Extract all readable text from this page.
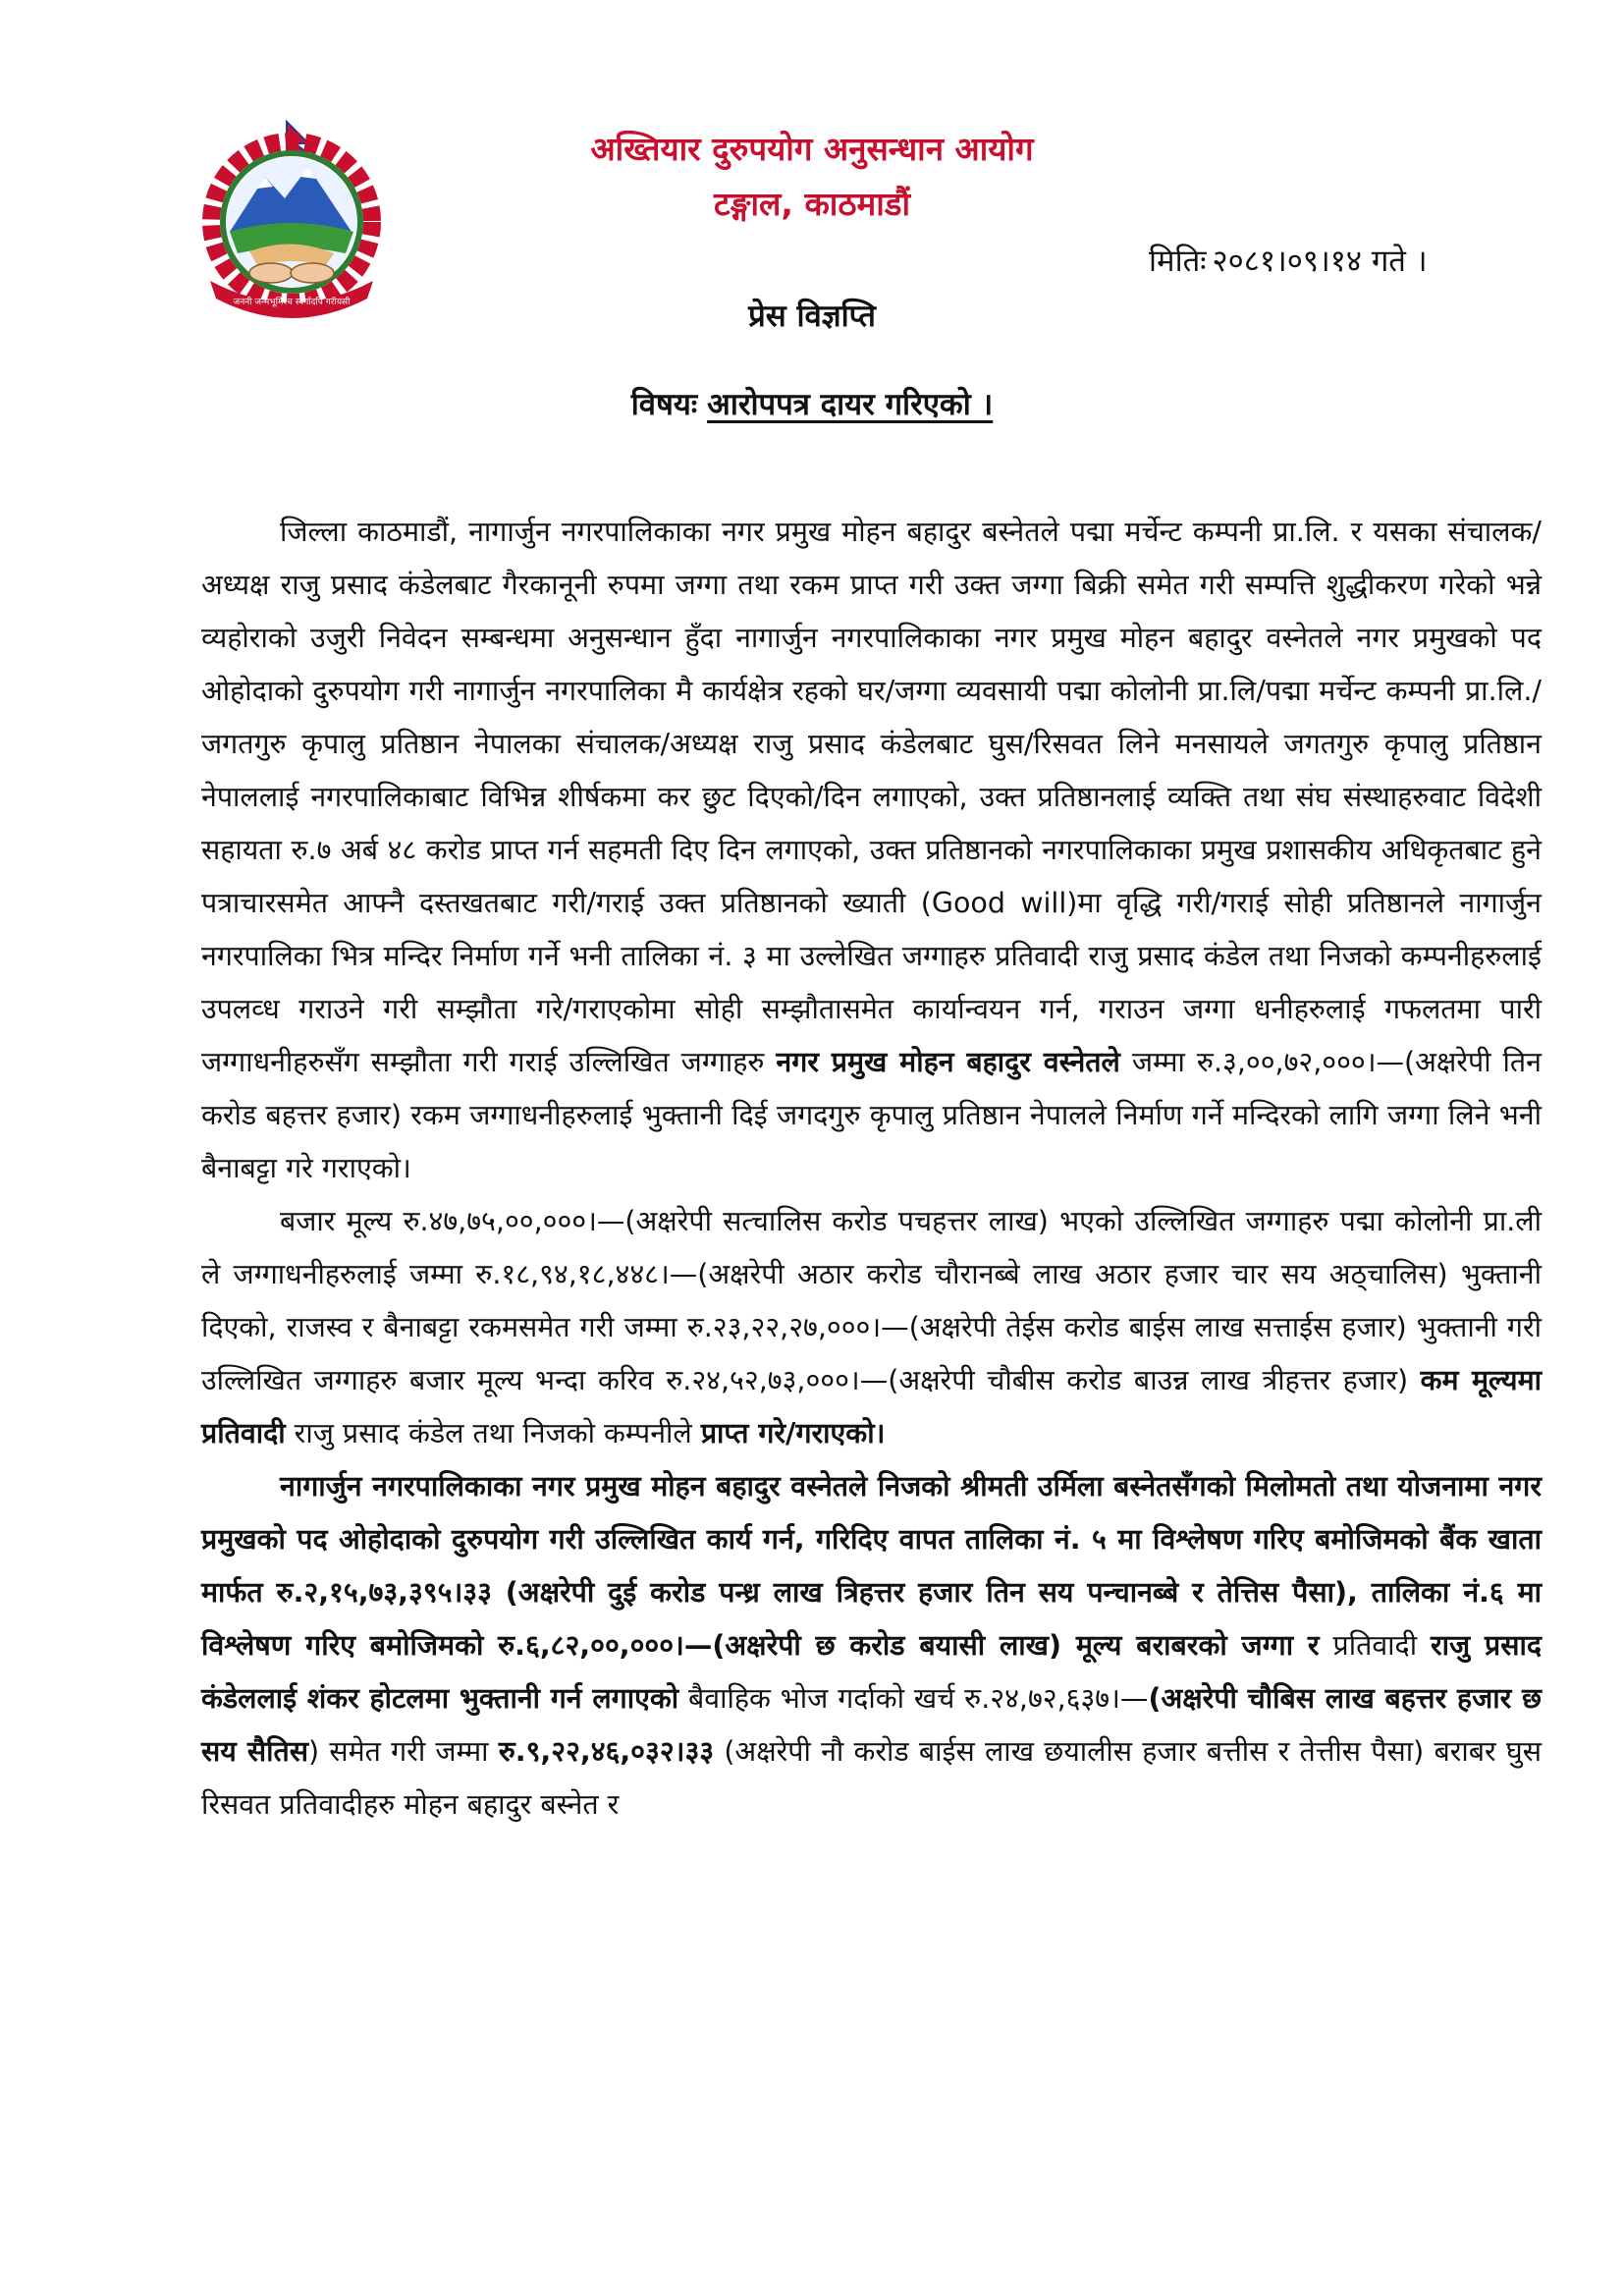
जननी जन्मभूमिश्च स्वर्गादपि गरीयसी
अख्तियार दुरुपयोग अनुसन्धान आयोग
टङ्गाल, काठमाडौं
मितिः २०८१।०९।१४ गते ।
प्रेस विज्ञप्ति
विषयः आरोपपत्र दायर गरिएको ।

जिल्ला काठमाडौं, नागार्जुन नगरपालिकाका नगर प्रमुख मोहन बहादुर बस्नेतले पद्मा मर्चेन्ट कम्पनी प्रा.लि. र यसका संचालक/अध्यक्ष राजु प्रसाद कंडेलबाट गैरकानूनी रुपमा जग्गा तथा रकम प्राप्त गरी उक्त जग्गा बिक्री समेत गरी सम्पत्ति शुद्धीकरण गरेको भन्ने व्यहोराको उजुरी निवेदन सम्बन्धमा अनुसन्धान हुँदा नागार्जुन नगरपालिकाका नगर प्रमुख मोहन बहादुर वस्नेतले नगर प्रमुखको पद ओहोदाको दुरुपयोग गरी नागार्जुन नगरपालिका मै कार्यक्षेत्र रहको घर/जग्गा व्यवसायी पद्मा कोलोनी प्रा.लि/पद्मा मर्चेन्ट कम्पनी प्रा.लि./जगतगुरु कृपालु प्रतिष्ठान नेपालका संचालक/अध्यक्ष राजु प्रसाद कंडेलबाट घुस/रिसवत लिने मनसायले जगतगुरु कृपालु प्रतिष्ठान नेपाललाई नगरपालिकाबाट विभिन्न शीर्षकमा कर छुट दिएको/दिन लगाएको, उक्त प्रतिष्ठानलाई व्यक्ति तथा संघ संस्थाहरुवाट विदेशी सहायता रु.७ अर्ब ४८ करोड प्राप्त गर्न सहमती दिए दिन लगाएको, उक्त प्रतिष्ठानको नगरपालिकाका प्रमुख प्रशासकीय अधिकृतबाट हुने पत्राचारसमेत आफ्नै दस्तखतबाट गरी/गराई उक्त प्रतिष्ठानको ख्याती (Good will)मा वृद्धि गरी/गराई सोही प्रतिष्ठानले नागार्जुन नगरपालिका भित्र मन्दिर निर्माण गर्ने भनी तालिका नं. ३ मा उल्लेखित जग्गाहरु प्रतिवादी राजु प्रसाद कंडेल तथा निजको कम्पनीहरुलाई उपलव्ध गराउने गरी सम्झौता गरे/गराएकोमा सोही सम्झौतासमेत कार्यान्वयन गर्न, गराउन जग्गा धनीहरुलाई गफलतमा पारी जग्गाधनीहरुसँग सम्झौता गरी गराई उल्लिखित जग्गाहरु नगर प्रमुख मोहन बहादुर वस्नेतले जम्मा रु.३,००,७२,०००।—(अक्षरेपी तिन करोड बहत्तर हजार) रकम जग्गाधनीहरुलाई भुक्तानी दिई जगदगुरु कृपालु प्रतिष्ठान नेपालले निर्माण गर्ने मन्दिरको लागि जग्गा लिने भनी बैनाबट्टा गरे गराएको।

बजार मूल्य रु.४७,७५,००,०००।—(अक्षरेपी सत्चालिस करोड पचहत्तर लाख) भएको उल्लिखित जग्गाहरु पद्मा कोलोनी प्रा.ली ले जग्गाधनीहरुलाई जम्मा रु.१८,९४,१८,४४८।—(अक्षरेपी अठार करोड चौरानब्बे लाख अठार हजार चार सय अठ्चालिस) भुक्तानी दिएको, राजस्व र बैनाबट्टा रकमसमेत गरी जम्मा रु.२३,२२,२७,०००।—(अक्षरेपी तेईस करोड बाईस लाख सत्ताईस हजार) भुक्तानी गरी उल्लिखित जग्गाहरु बजार मूल्य भन्दा करिव रु.२४,५२,७३,०००।—(अक्षरेपी चौबीस करोड बाउन्न लाख त्रीहत्तर हजार) कम मूल्यमा प्रतिवादी राजु प्रसाद कंडेल तथा निजको कम्पनीले प्राप्त गरे/गराएको।

नागार्जुन नगरपालिकाका नगर प्रमुख मोहन बहादुर वस्नेतले निजको श्रीमती उर्मिला बस्नेतसँगको मिलोमतो तथा योजनामा नगर प्रमुखको पद ओहोदाको दुरुपयोग गरी उल्लिखित कार्य गर्न, गरिदिए वापत तालिका नं. ५ मा विश्लेषण गरिए बमोजिमको बैंक खाता मार्फत रु.२,१५,७३,३९५।३३ (अक्षरेपी दुई करोड पन्ध्र लाख त्रिहत्तर हजार तिन सय पन्चानब्बे र तेत्तिस पैसा), तालिका नं.६ मा विश्लेषण गरिए बमोजिमको रु.६,८२,००,०००।—(अक्षरेपी छ करोड बयासी लाख) मूल्य बराबरको जग्गा र प्रतिवादी राजु प्रसाद कंडेललाई शंकर होटलमा भुक्तानी गर्न लगाएको बैवाहिक भोज गर्दाको खर्च रु.२४,७२,६३७।—(अक्षरेपी चौबिस लाख बहत्तर हजार छ सय सैतिस) समेत गरी जम्मा रु.९,२२,४६,०३२।३३ (अक्षरेपी नौ करोड बाईस लाख छयालीस हजार बत्तीस र तेत्तीस पैसा) बराबर घुस रिसवत प्रतिवादीहरु मोहन बहादुर बस्नेत र
